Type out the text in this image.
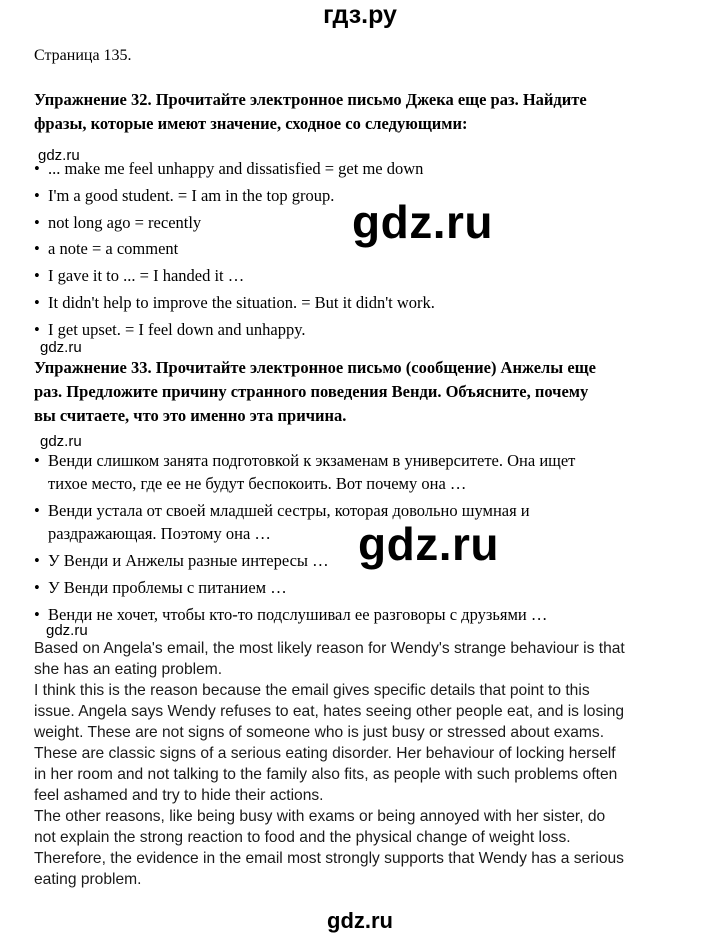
гдз.ру
Страница 135.
Упражнение 32. Прочитайте электронное письмо Джека еще раз. Найдите
фразы, которые имеют значение, сходное со следующими:
gdz.ru
• ... make me feel unhappy and dissatisfied = get me down
• I'm a good student. = I am in the top group.
• not long ago = recently
• a note = a comment
• I gave it to ... = I handed it …
• It didn't help to improve the situation. = But it didn't work.
• I get upset. = I feel down and unhappy.
gdz.ru
gdz.ru
Упражнение 33. Прочитайте электронное письмо (сообщение) Анжелы еще
раз. Предложите причину странного поведения Венди. Объясните, почему
вы считаете, что это именно эта причина.
gdz.ru
• Венди слишком занята подготовкой к экзаменам в университете. Она ищет
тихое место, где ее не будут беспокоить. Вот почему она …
• Венди устала от своей младшей сестры, которая довольно шумная и
раздражающая. Поэтому она …
• У Венди и Анжелы разные интересы …
• У Венди проблемы с питанием …
• Венди не хочет, чтобы кто-то подслушивал ее разговоры с друзьями …
gdz.ru
gdz.ru
Based on Angela's email, the most likely reason for Wendy's strange behaviour is that
she has an eating problem.
I think this is the reason because the email gives specific details that point to this
issue. Angela says Wendy refuses to eat, hates seeing other people eat, and is losing
weight. These are not signs of someone who is just busy or stressed about exams.
These are classic signs of a serious eating disorder. Her behaviour of locking herself
in her room and not talking to the family also fits, as people with such problems often
feel ashamed and try to hide their actions.
The other reasons, like being busy with exams or being annoyed with her sister, do
not explain the strong reaction to food and the physical change of weight loss.
Therefore, the evidence in the email most strongly supports that Wendy has a serious
eating problem.
gdz.ru
